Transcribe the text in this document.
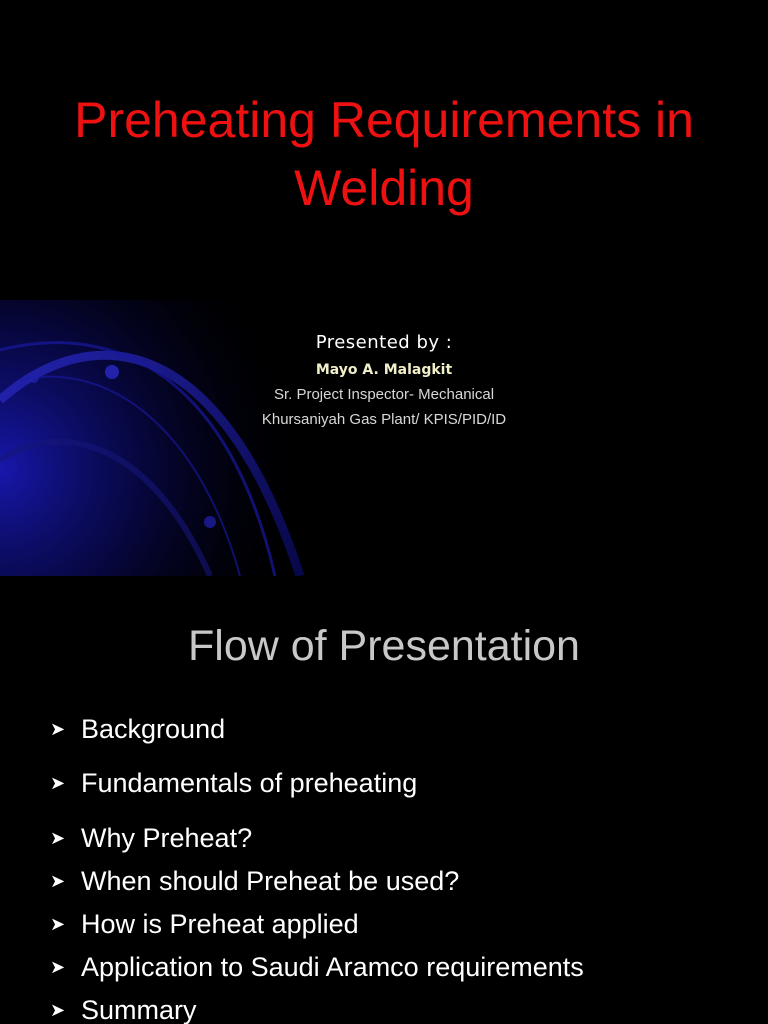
Preheating Requirements in Welding

Presented by :

Mayo A. Malagkit

Sr. Project Inspector- Mechanical

Khursaniyah Gas Plant/ KPIS/PID/ID

Flow of Presentation
➤ Background
➤ Fundamentals of preheating
➤ Why Preheat?
➤ When should Preheat be used?
➤ How is Preheat applied
➤ Application to Saudi Aramco requirements
➤ Summary
